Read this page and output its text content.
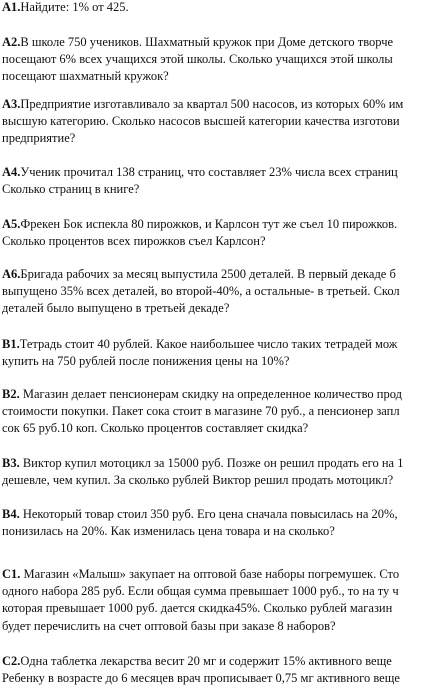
А1.Найдите: 1% от 425.
А2.В школе 750 учеников. Шахматный кружок при Доме детского творче
посещают 6% всех учащихся этой школы. Сколько учащихся этой школы
посещают шахматный кружок?
А3.Предприятие изготавливало за квартал 500 насосов, из которых 60% им
высшую категорию. Сколько насосов высшей категории качества изготови
предприятие?
А4.Ученик прочитал 138 страниц, что составляет 23% числа всех страниц
Сколько страниц в книге?
А5.Фрекен Бок испекла 80 пирожков, и Карлсон тут же съел 10 пирожков.
Сколько процентов всех пирожков съел Карлсон?
А6.Бригада рабочих за месяц выпустила 2500 деталей. В первый декаде б
выпущено 35% всех деталей, во второй-40%, а остальные- в третьей. Скол
деталей было выпущено в третьей декаде?
В1.Тетрадь стоит 40 рублей. Какое наибольшее число таких тетрадей мож
купить на 750 рублей после понижения цены на 10%?
В2. Магазин делает пенсионерам скидку на определенное количество прод
стоимости покупки. Пакет сока стоит в магазине 70 руб., а пенсионер запл
сок 65 руб.10 коп. Сколько процентов составляет скидка?
В3. Виктор купил мотоцикл за 15000 руб. Позже он решил продать его на 1
дешевле, чем купил. За сколько рублей Виктор решил продать мотоцикл?
В4. Некоторый товар стоил 350 руб. Его цена сначала повысилась на 20%,
понизилась на 20%. Как изменилась цена товара и на сколько?
С1. Магазин «Малыш» закупает на оптовой базе наборы погремушек. Сто
одного набора 285 руб. Если общая сумма превышает 1000 руб., то на ту ч
которая превышает 1000 руб. дается скидка45%. Сколько рублей магазин
будет перечислить на счет оптовой базы при заказе 8 наборов?
С2.Одна таблетка лекарства весит 20 мг и содержит 15% активного веще
Ребенку в возрасте до 6 месяцев врач прописывает 0,75 мг активного веще
